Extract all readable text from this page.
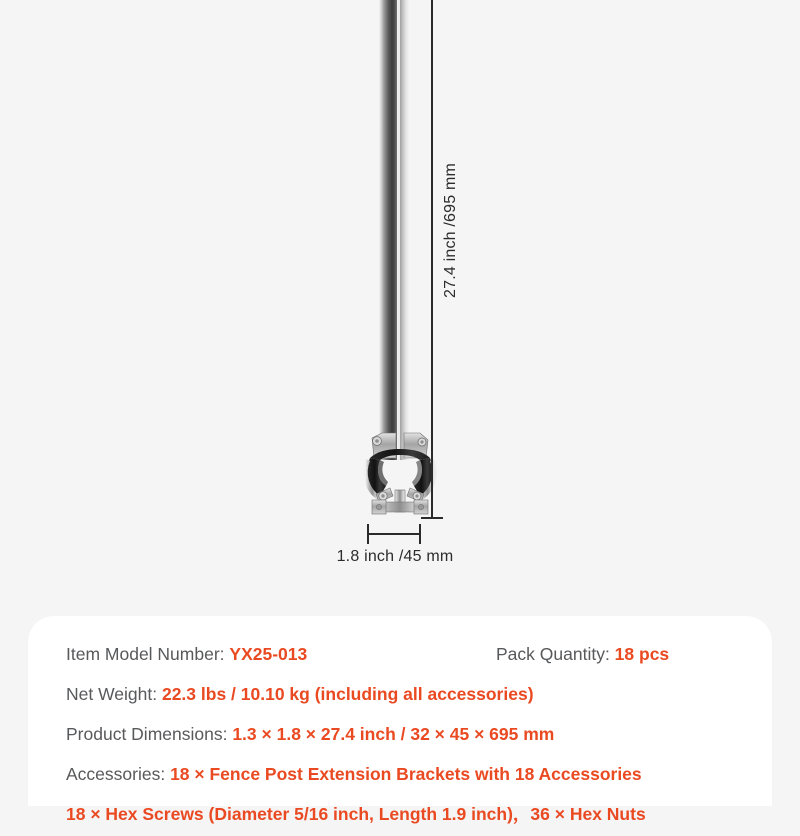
27.4 inch /695 mm
1.8 inch /45 mm
Item Model Number: YX25-013	Pack Quantity: 18 pcs
Net Weight: 22.3 lbs / 10.10 kg (including all accessories)
Product Dimensions: 1.3 × 1.8 × 27.4 inch / 32 × 45 × 695 mm
Accessories: 18 × Fence Post Extension Brackets with 18 Accessories
18 × Hex Screws (Diameter 5/16 inch, Length 1.9 inch)，36 × Hex Nuts
